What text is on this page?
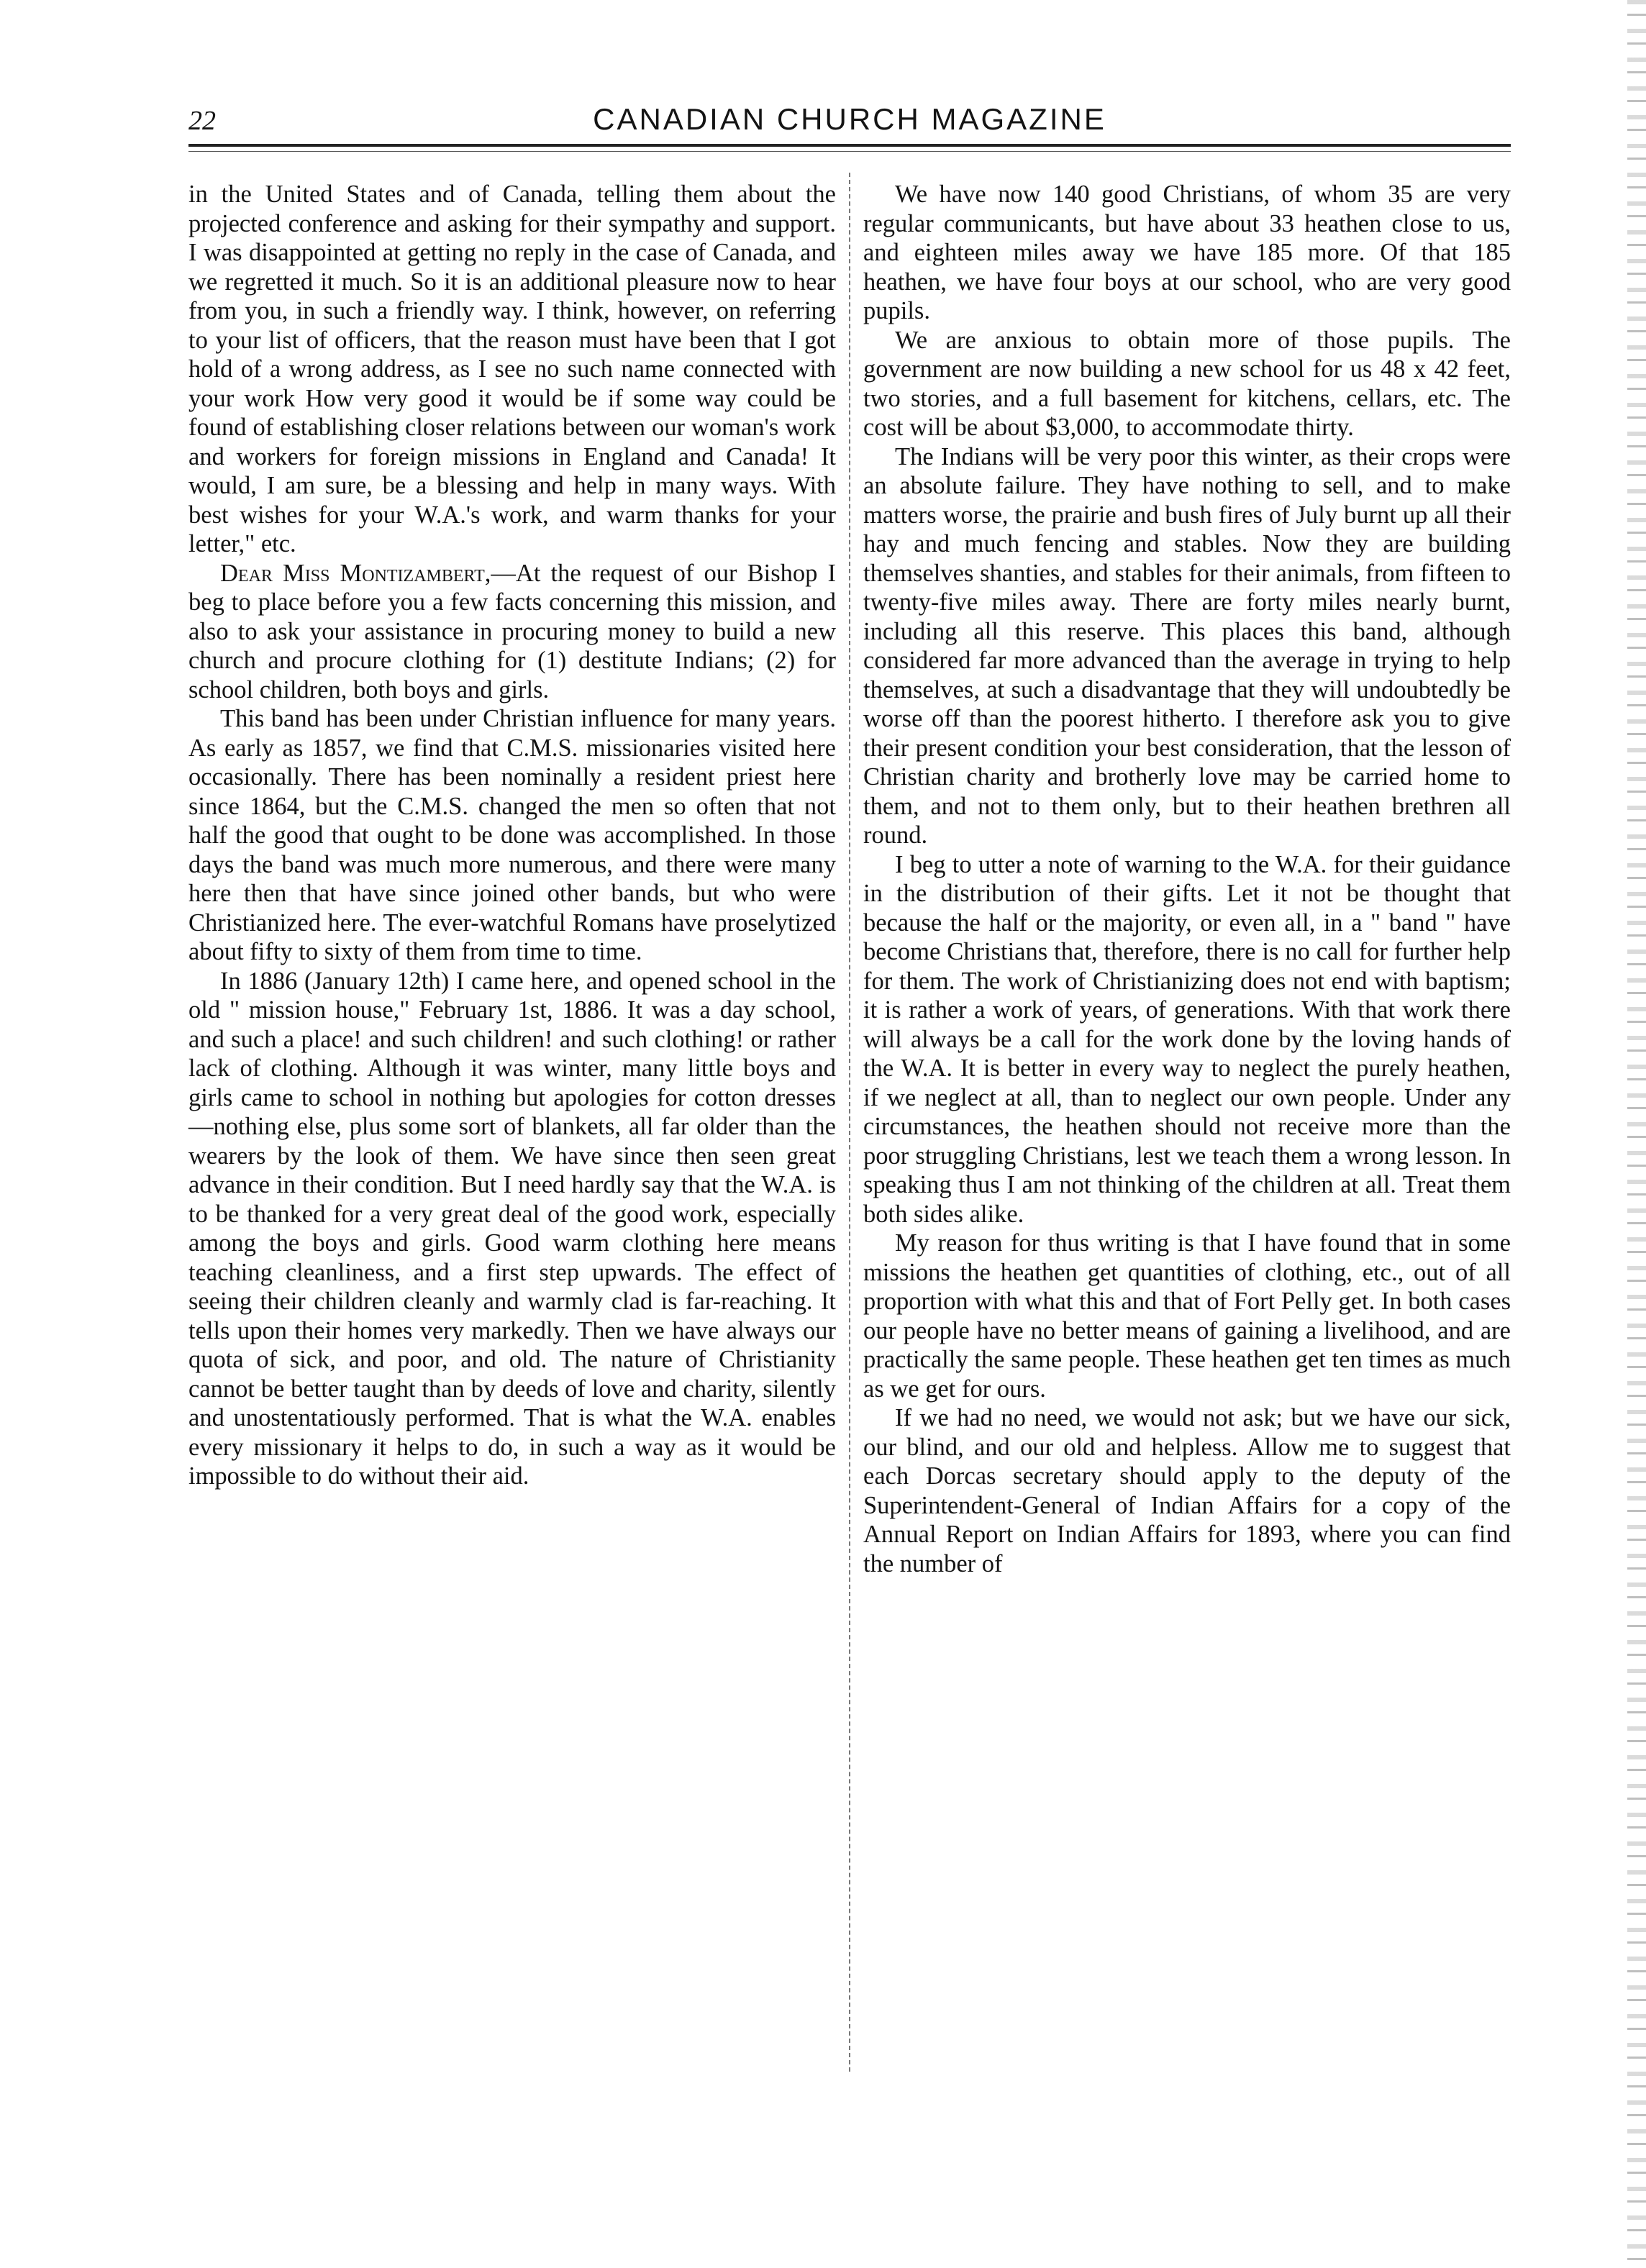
22	CANADIAN CHURCH MAGAZINE

in the United States and of Canada, telling them about the projected conference and asking for their sympathy and support. I was disappointed at getting no reply in the case of Canada, and we regretted it much. So it is an additional pleasure now to hear from you, in such a friendly way. I think, however, on referring to your list of officers, that the reason must have been that I got hold of a wrong address, as I see no such name connected with your work How very good it would be if some way could be found of establishing closer relations between our woman's work and workers for foreign missions in England and Canada! It would, I am sure, be a blessing and help in many ways. With best wishes for your W.A.'s work, and warm thanks for your letter," etc.

Dear Miss Montizambert,—At the request of our Bishop I beg to place before you a few facts concerning this mission, and also to ask your assistance in procuring money to build a new church and procure clothing for (1) destitute Indians; (2) for school children, both boys and girls.

This band has been under Christian influence for many years. As early as 1857, we find that C.M.S. missionaries visited here occasionally. There has been nominally a resident priest here since 1864, but the C.M.S. changed the men so often that not half the good that ought to be done was accomplished. In those days the band was much more numerous, and there were many here then that have since joined other bands, but who were Christianized here. The ever-watchful Romans have proselytized about fifty to sixty of them from time to time.

In 1886 (January 12th) I came here, and opened school in the old " mission house," February 1st, 1886. It was a day school, and such a place! and such children! and such clothing! or rather lack of clothing. Although it was winter, many little boys and girls came to school in nothing but apologies for cotton dresses—nothing else, plus some sort of blankets, all far older than the wearers by the look of them. We have since then seen great advance in their condition. But I need hardly say that the W.A. is to be thanked for a very great deal of the good work, especially among the boys and girls. Good warm clothing here means teaching cleanliness, and a first step upwards. The effect of seeing their children cleanly and warmly clad is far-reaching. It tells upon their homes very markedly. Then we have always our quota of sick, and poor, and old. The nature of Christianity cannot be better taught than by deeds of love and charity, silently and unostentatiously performed. That is what the W.A. enables every missionary it helps to do, in such a way as it would be impossible to do without their aid.

We have now 140 good Christians, of whom 35 are very regular communicants, but have about 33 heathen close to us, and eighteen miles away we have 185 more. Of that 185 heathen, we have four boys at our school, who are very good pupils.

We are anxious to obtain more of those pupils. The government are now building a new school for us 48 x 42 feet, two stories, and a full basement for kitchens, cellars, etc. The cost will be about $3,000, to accommodate thirty.

The Indians will be very poor this winter, as their crops were an absolute failure. They have nothing to sell, and to make matters worse, the prairie and bush fires of July burnt up all their hay and much fencing and stables. Now they are building themselves shanties, and stables for their animals, from fifteen to twenty-five miles away. There are forty miles nearly burnt, including all this reserve. This places this band, although considered far more advanced than the average in trying to help themselves, at such a disadvantage that they will undoubtedly be worse off than the poorest hitherto. I therefore ask you to give their present condition your best consideration, that the lesson of Christian charity and brotherly love may be carried home to them, and not to them only, but to their heathen brethren all round.

I beg to utter a note of warning to the W.A. for their guidance in the distribution of their gifts. Let it not be thought that because the half or the majority, or even all, in a " band " have become Christians that, therefore, there is no call for further help for them. The work of Christianizing does not end with baptism; it is rather a work of years, of generations. With that work there will always be a call for the work done by the loving hands of the W.A. It is better in every way to neglect the purely heathen, if we neglect at all, than to neglect our own people. Under any circumstances, the heathen should not receive more than the poor struggling Christians, lest we teach them a wrong lesson. In speaking thus I am not thinking of the children at all. Treat them both sides alike.

My reason for thus writing is that I have found that in some missions the heathen get quantities of clothing, etc., out of all proportion with what this and that of Fort Pelly get. In both cases our people have no better means of gaining a livelihood, and are practically the same people. These heathen get ten times as much as we get for ours.

If we had no need, we would not ask; but we have our sick, our blind, and our old and helpless. Allow me to suggest that each Dorcas secretary should apply to the deputy of the Superintendent-General of Indian Affairs for a copy of the Annual Report on Indian Affairs for 1893, where you can find the number of
